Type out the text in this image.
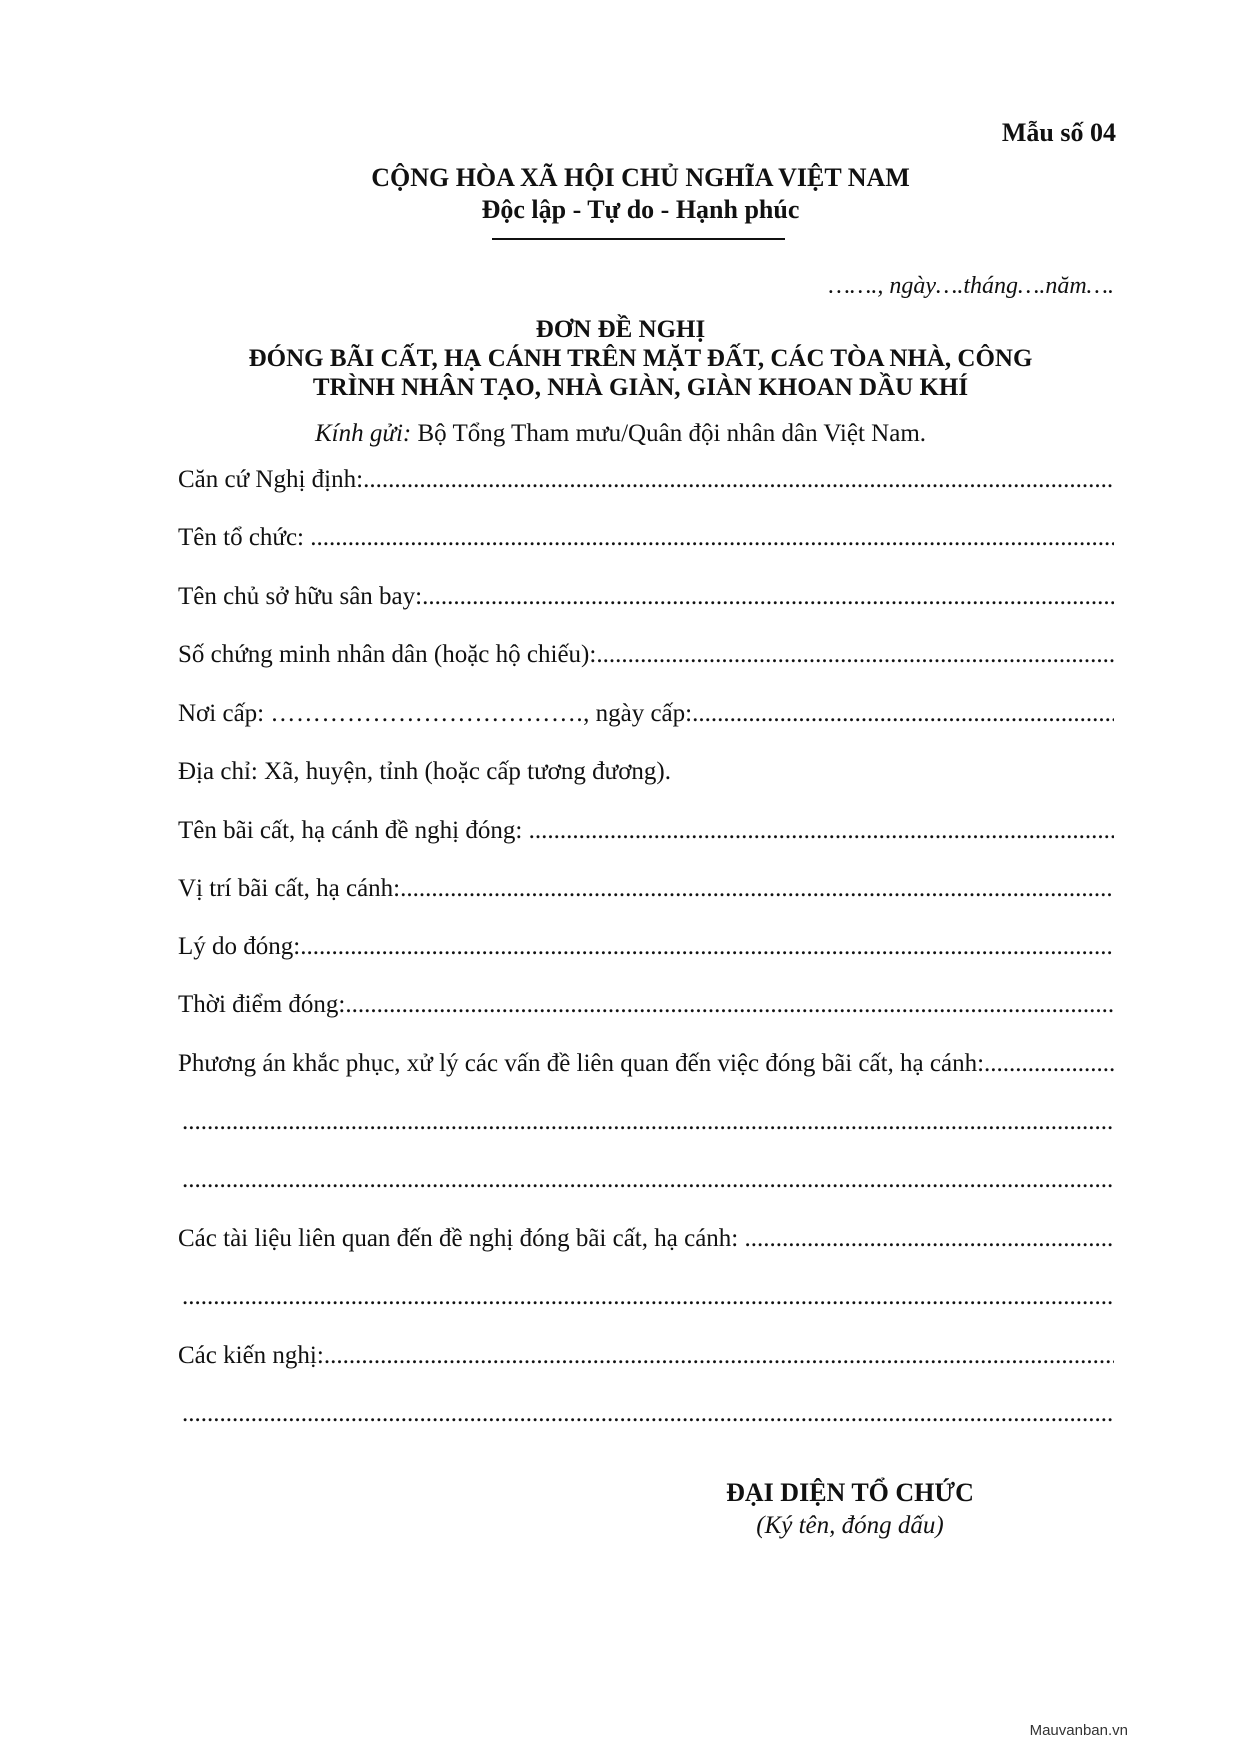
Mẫu số 04
CỘNG HÒA XÃ HỘI CHỦ NGHĨA VIỆT NAM
Độc lập - Tự do - Hạnh phúc
……., ngày….tháng….năm….
ĐƠN ĐỀ NGHỊ
ĐÓNG BÃI CẤT, HẠ CÁNH TRÊN MẶT ĐẤT, CÁC TÒA NHÀ, CÔNG
TRÌNH NHÂN TẠO, NHÀ GIÀN, GIÀN KHOAN DẦU KHÍ
Kính gửi: Bộ Tổng Tham mưu/Quân đội nhân dân Việt Nam.
Căn cứ Nghị định:
.....
Tên tổ chức:
.....
Tên chủ sở hữu sân bay:
.....
Số chứng minh nhân dân (hoặc hộ chiếu):
.....
Nơi cấp: ………………………………. , ngày cấp:
.....
Địa chỉ: Xã, huyện, tỉnh (hoặc cấp tương đương).
Tên bãi cất, hạ cánh đề nghị đóng:
.....
Vị trí bãi cất, hạ cánh:
.....
Lý do đóng:
.....
Thời điểm đóng:
.....
Phương án khắc phục, xử lý các vấn đề liên quan đến việc đóng bãi cất, hạ cánh:
.....
.....
.....
Các tài liệu liên quan đến đề nghị đóng bãi cất, hạ cánh:
.....
.....
Các kiến nghị:
.....
.....
ĐẠI DIỆN TỔ CHỨC
(Ký tên, đóng dấu)
Mauvanban.vn
